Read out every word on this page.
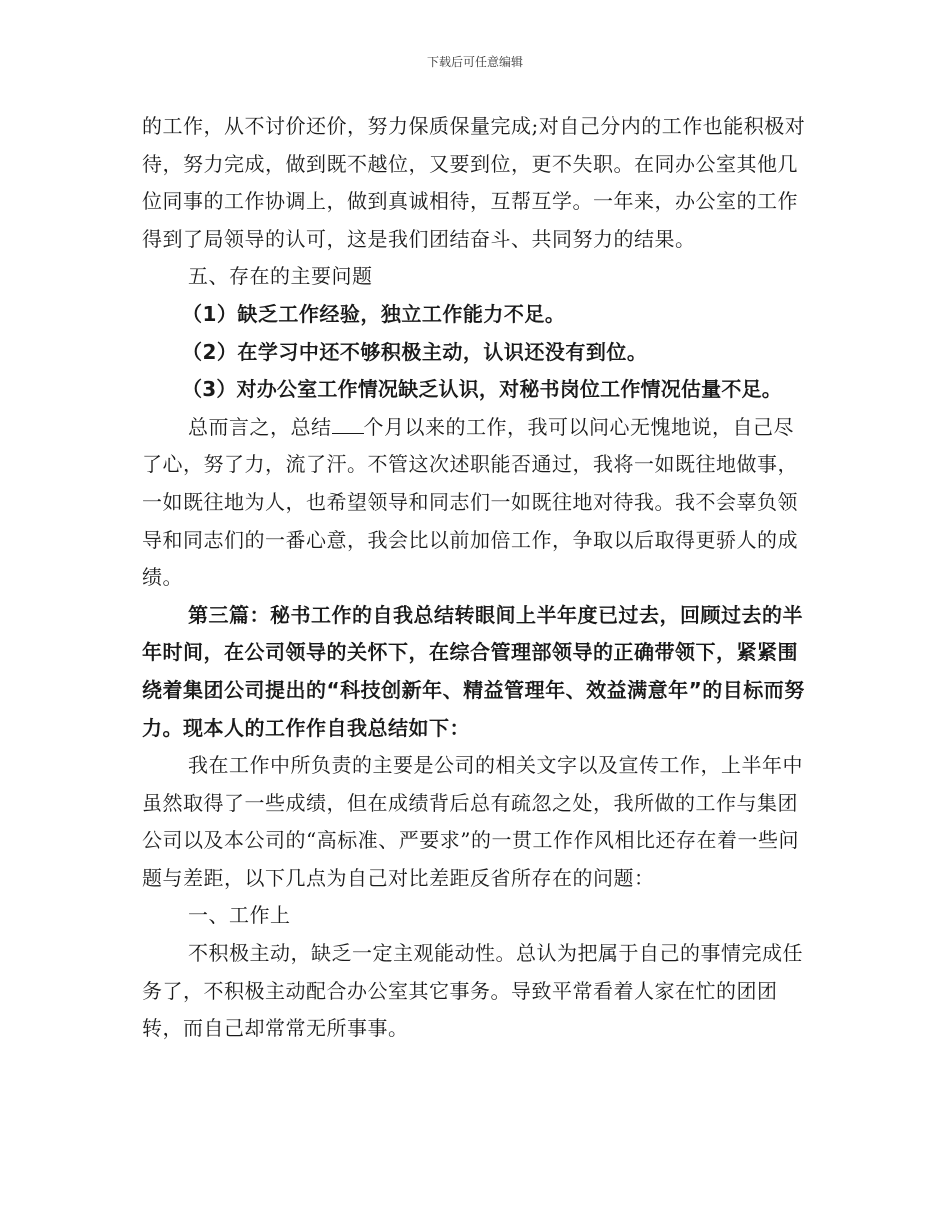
下载后可任意编辑

的工作，从不讨价还价，努力保质保量完成;对自己分内的工作也能积极对待，努力完成，做到既不越位，又要到位，更不失职。在同办公室其他几位同事的工作协调上，做到真诚相待，互帮互学。一年来，办公室的工作得到了局领导的认可，这是我们团结奋斗、共同努力的结果。

五、存在的主要问题

（1）缺乏工作经验，独立工作能力不足。

（2）在学习中还不够积极主动，认识还没有到位。

（3）对办公室工作情况缺乏认识，对秘书岗位工作情况估量不足。

总而言之，总结 个月以来的工作，我可以问心无愧地说，自己尽了心，努了力，流了汗。不管这次述职能否通过，我将一如既往地做事，一如既往地为人，也希望领导和同志们一如既往地对待我。我不会辜负领导和同志们的一番心意，我会比以前加倍工作，争取以后取得更骄人的成绩。

第三篇：秘书工作的自我总结转眼间上半年度已过去，回顾过去的半年时间，在公司领导的关怀下，在综合管理部领导的正确带领下，紧紧围绕着集团公司提出的“科技创新年、精益管理年、效益满意年”的目标而努力。现本人的工作作自我总结如下：

我在工作中所负责的主要是公司的相关文字以及宣传工作，上半年中虽然取得了一些成绩，但在成绩背后总有疏忽之处，我所做的工作与集团公司以及本公司的“高标准、严要求”的一贯工作作风相比还存在着一些问题与差距，以下几点为自己对比差距反省所存在的问题：

一、工作上

不积极主动，缺乏一定主观能动性。总认为把属于自己的事情完成任务了，不积极主动配合办公室其它事务。导致平常看着人家在忙的团团转，而自己却常常无所事事。
